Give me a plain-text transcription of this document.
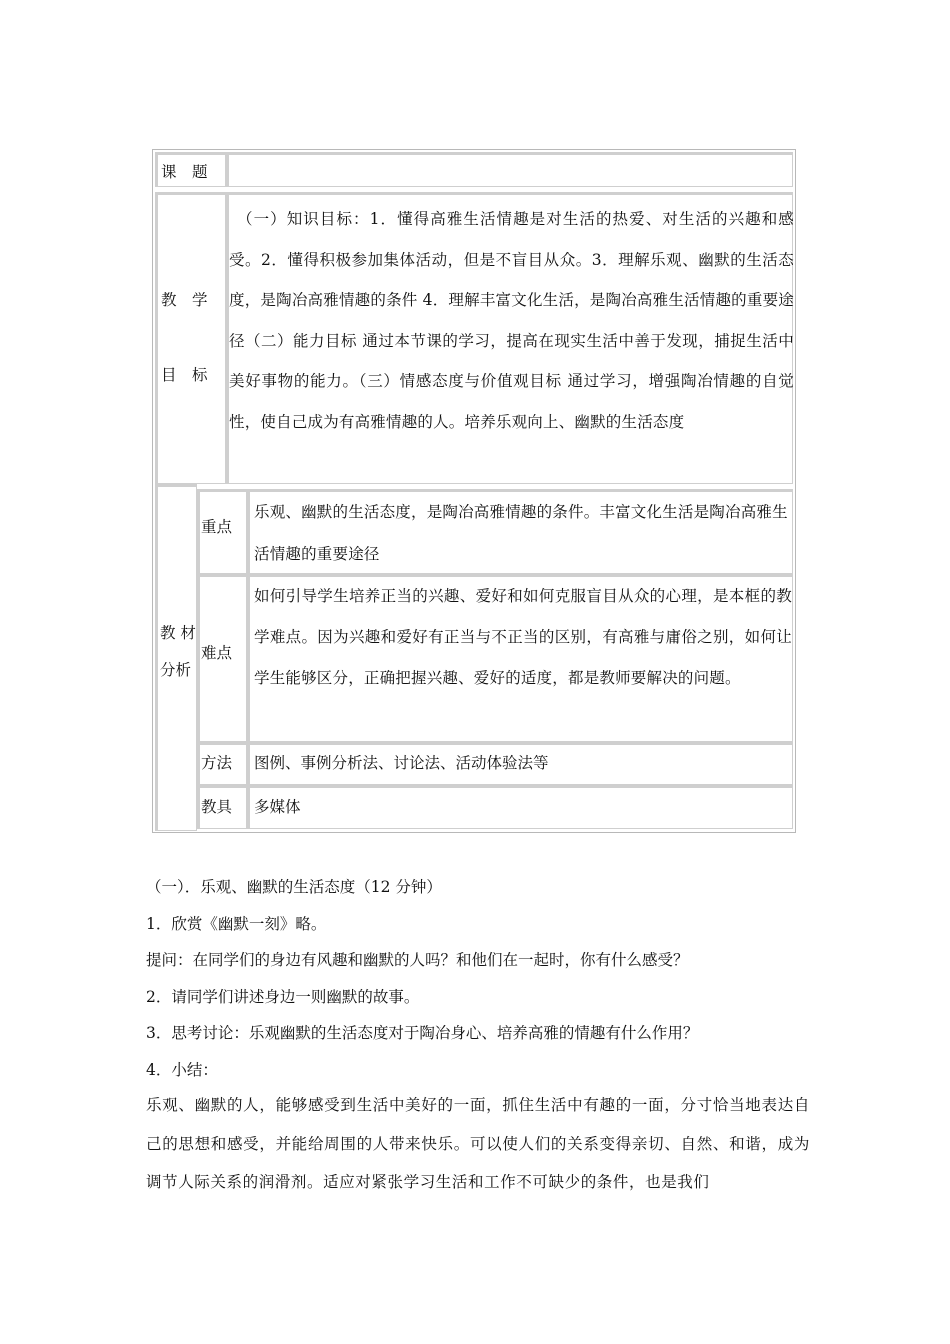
课　题
教　学
目　标
（一）知识目标：1．懂得高雅生活情趣是对生活的热爱、对生活的兴趣和感受。2．懂得积极参加集体活动，但是不盲目从众。3．理解乐观、幽默的生活态度，是陶冶高雅情趣的条件 4．理解丰富文化生活，是陶冶高雅生活情趣的重要途径（二）能力目标 通过本节课的学习，提高在现实生活中善于发现，捕捉生活中美好事物的能力。（三）情感态度与价值观目标 通过学习，增强陶冶情趣的自觉性，使自己成为有高雅情趣的人。培养乐观向上、幽默的生活态度
教 材
分析
重点
乐观、幽默的生活态度，是陶冶高雅情趣的条件。丰富文化生活是陶冶高雅生活情趣的重要途径
难点
如何引导学生培养正当的兴趣、爱好和如何克服盲目从众的心理，是本框的教学难点。因为兴趣和爱好有正当与不正当的区别，有高雅与庸俗之别，如何让学生能够区分，正确把握兴趣、爱好的适度，都是教师要解决的问题。
方法 图例、事例分析法、讨论法、活动体验法等
教具 多媒体
（一）．乐观、幽默的生活态度（12 分钟）
1．欣赏《幽默一刻》略。
提问：在同学们的身边有风趣和幽默的人吗？和他们在一起时，你有什么感受？
2．请同学们讲述身边一则幽默的故事。
3．思考讨论：乐观幽默的生活态度对于陶冶身心、培养高雅的情趣有什么作用？
4．小结：
乐观、幽默的人，能够感受到生活中美好的一面，抓住生活中有趣的一面，分寸恰当地表达自己的思想和感受，并能给周围的人带来快乐。可以使人们的关系变得亲切、自然、和谐，成为调节人际关系的润滑剂。适应对紧张学习生活和工作不可缺少的条件，也是我们
